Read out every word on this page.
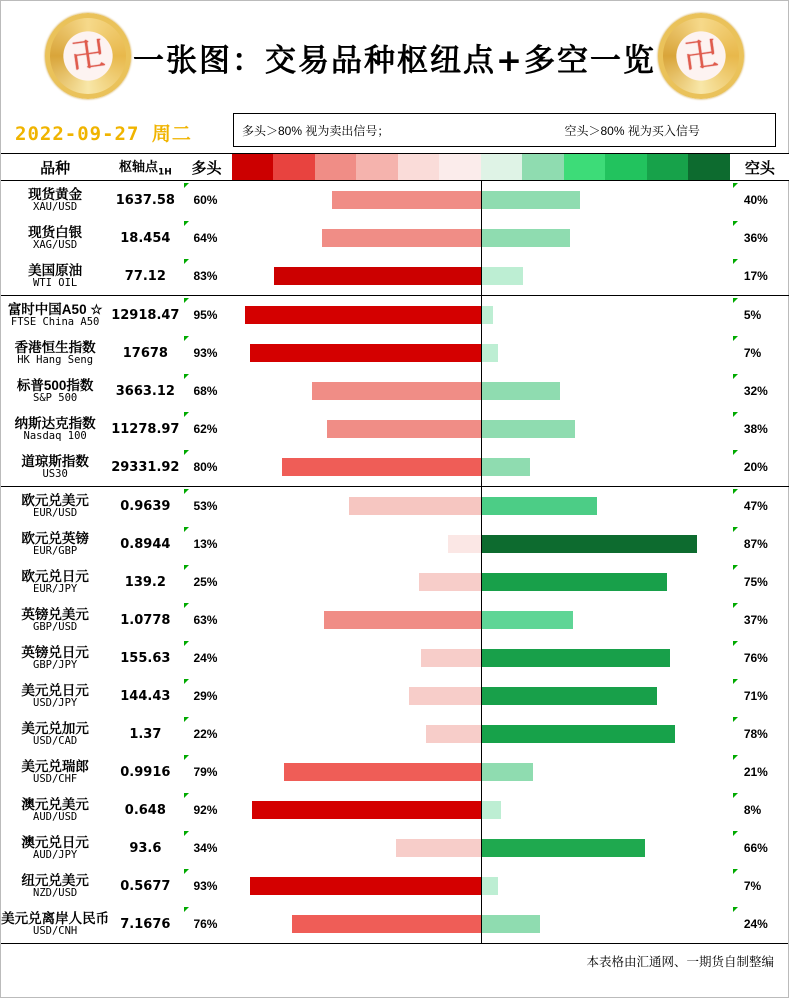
卍 一张图：交易品种枢纽点+多空一览 卍
2022-09-27 周二	多头＞80% 视为卖出信号；	空头＞80% 视为买入信号
品种	枢轴点$_{1H}$	多头		空头

现货黄金
XAU/USD	1637.58	60%		40%

现货白银
XAG/USD	18.454	64%		36%

美国原油
WTI OIL	77.12	83%		17%

富时中国A50 ☆
FTSE China A50	12918.47	95%		5%

香港恒生指数
HK Hang Seng	17678	93%		7%

标普500指数
S&P 500	3663.12	68%		32%

纳斯达克指数
Nasdaq 100	11278.97	62%		38%

道琼斯指数
US30	29331.92	80%		20%

欧元兑美元
EUR/USD	0.9639	53%		47%

欧元兑英镑
EUR/GBP	0.8944	13%		87%

欧元兑日元
EUR/JPY	139.2	25%		75%

英镑兑美元
GBP/USD	1.0778	63%		37%

英镑兑日元
GBP/JPY	155.63	24%		76%

美元兑日元
USD/JPY	144.43	29%		71%

美元兑加元
USD/CAD	1.37	22%		78%

美元兑瑞郎
USD/CHF	0.9916	79%		21%

澳元兑美元
AUD/USD	0.648	92%		8%

澳元兑日元
AUD/JPY	93.6	34%		66%

纽元兑美元
NZD/USD	0.5677	93%		7%

美元兑离岸人民币
USD/CNH	7.1676	76%		24%
本表格由汇通网、一期货自制整编
